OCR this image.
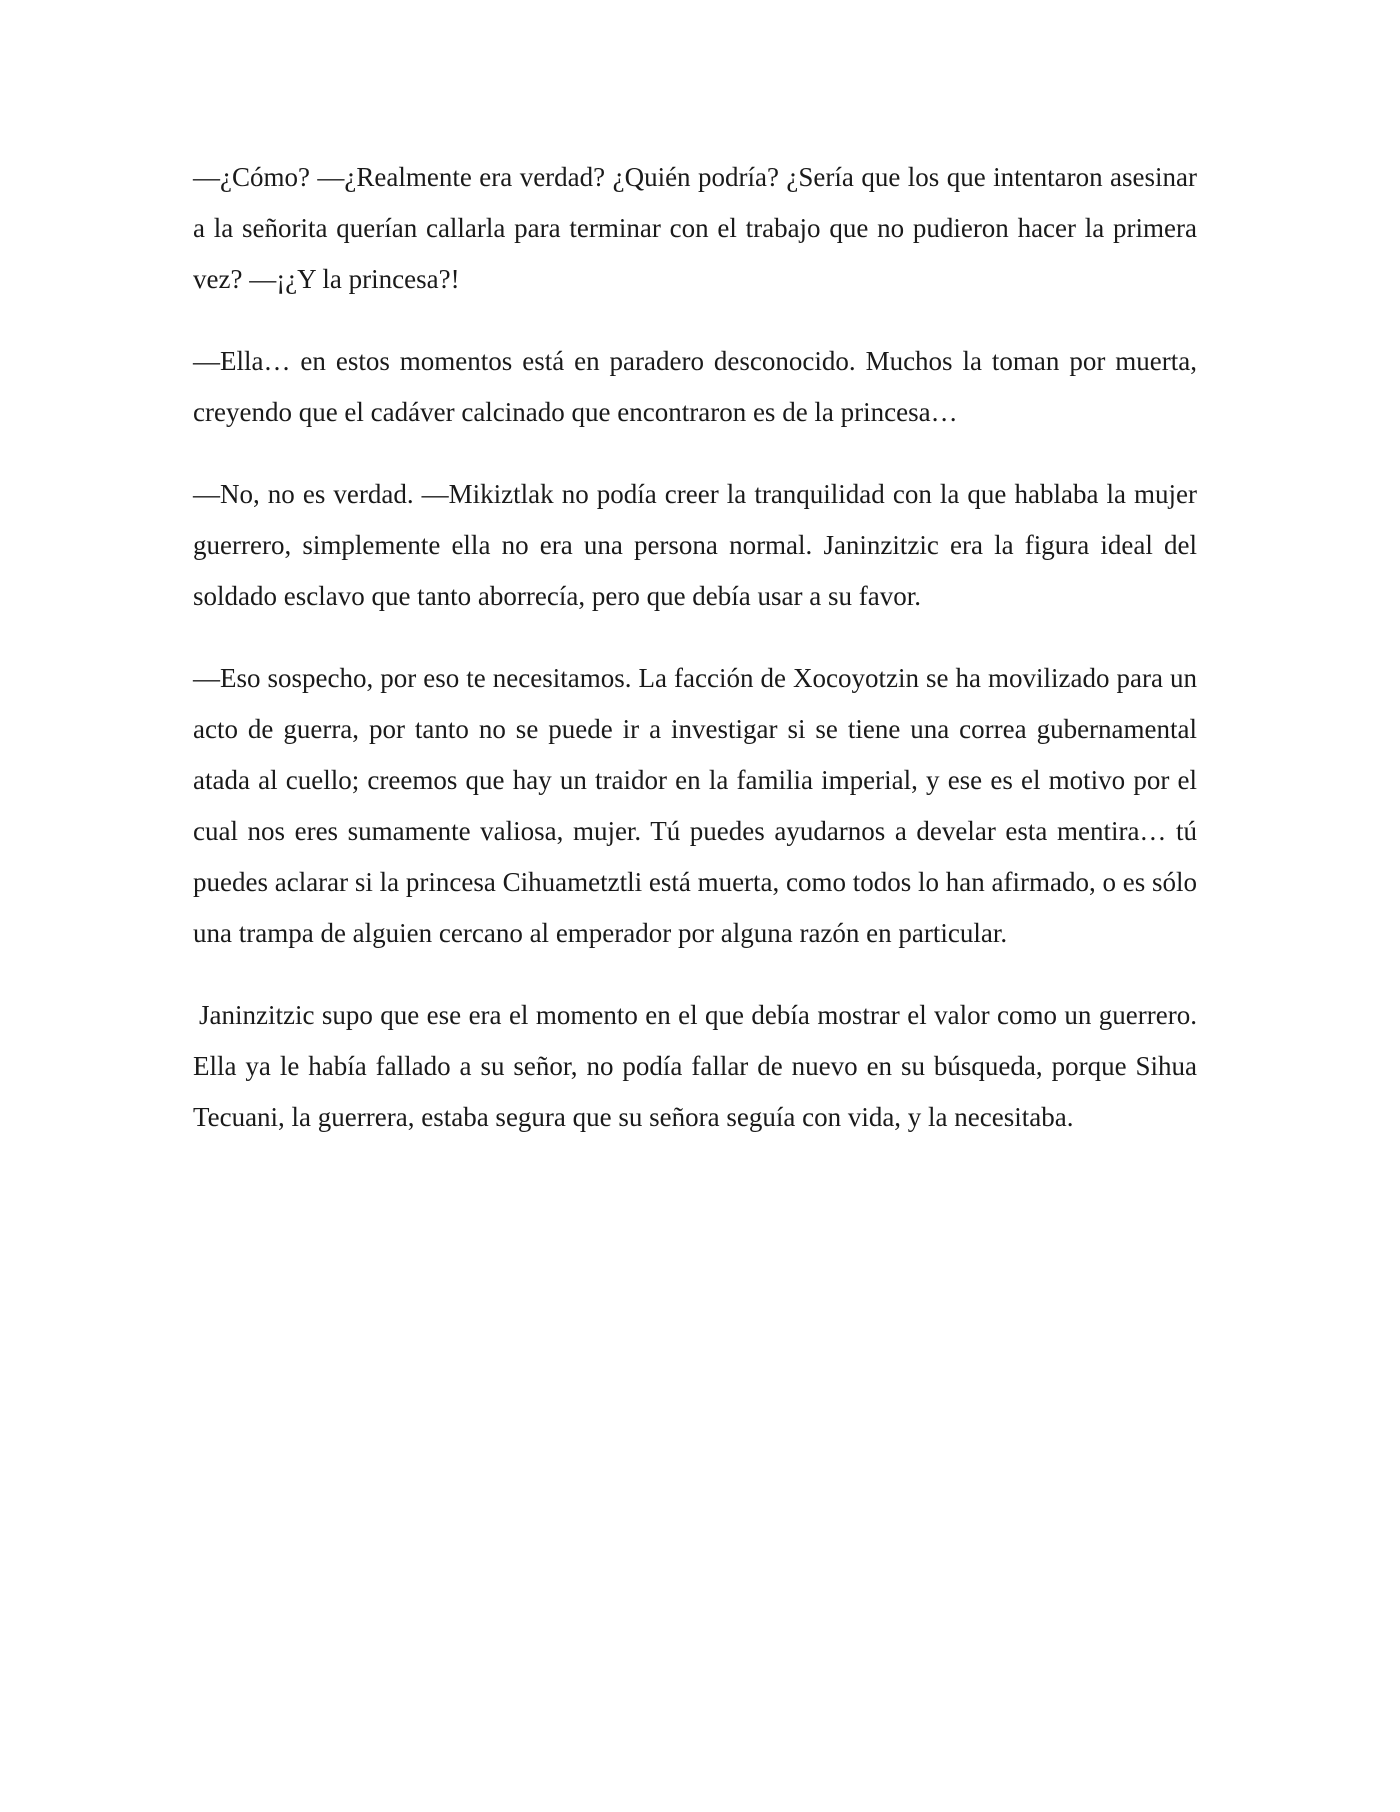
—¿Cómo? —¿Realmente era verdad? ¿Quién podría? ¿Sería que los que intentaron asesinar a la señorita querían callarla para terminar con el trabajo que no pudieron hacer la primera vez? —¡¿Y la princesa?!

—Ella… en estos momentos está en paradero desconocido. Muchos la toman por muerta, creyendo que el cadáver calcinado que encontraron es de la princesa…

—No, no es verdad. —Mikiztlak no podía creer la tranquilidad con la que hablaba la mujer guerrero, simplemente ella no era una persona normal. Janinzitzic era la figura ideal del soldado esclavo que tanto aborrecía, pero que debía usar a su favor.

—Eso sospecho, por eso te necesitamos. La facción de Xocoyotzin se ha movilizado para un acto de guerra, por tanto no se puede ir a investigar si se tiene una correa gubernamental atada al cuello; creemos que hay un traidor en la familia imperial, y ese es el motivo por el cual nos eres sumamente valiosa, mujer. Tú puedes ayudarnos a develar esta mentira… tú puedes aclarar si la princesa Cihuametztli está muerta, como todos lo han afirmado, o es sólo una trampa de alguien cercano al emperador por alguna razón en particular.

Janinzitzic supo que ese era el momento en el que debía mostrar el valor como un guerrero. Ella ya le había fallado a su señor, no podía fallar de nuevo en su búsqueda, porque Sihua Tecuani, la guerrera, estaba segura que su señora seguía con vida, y la necesitaba.
